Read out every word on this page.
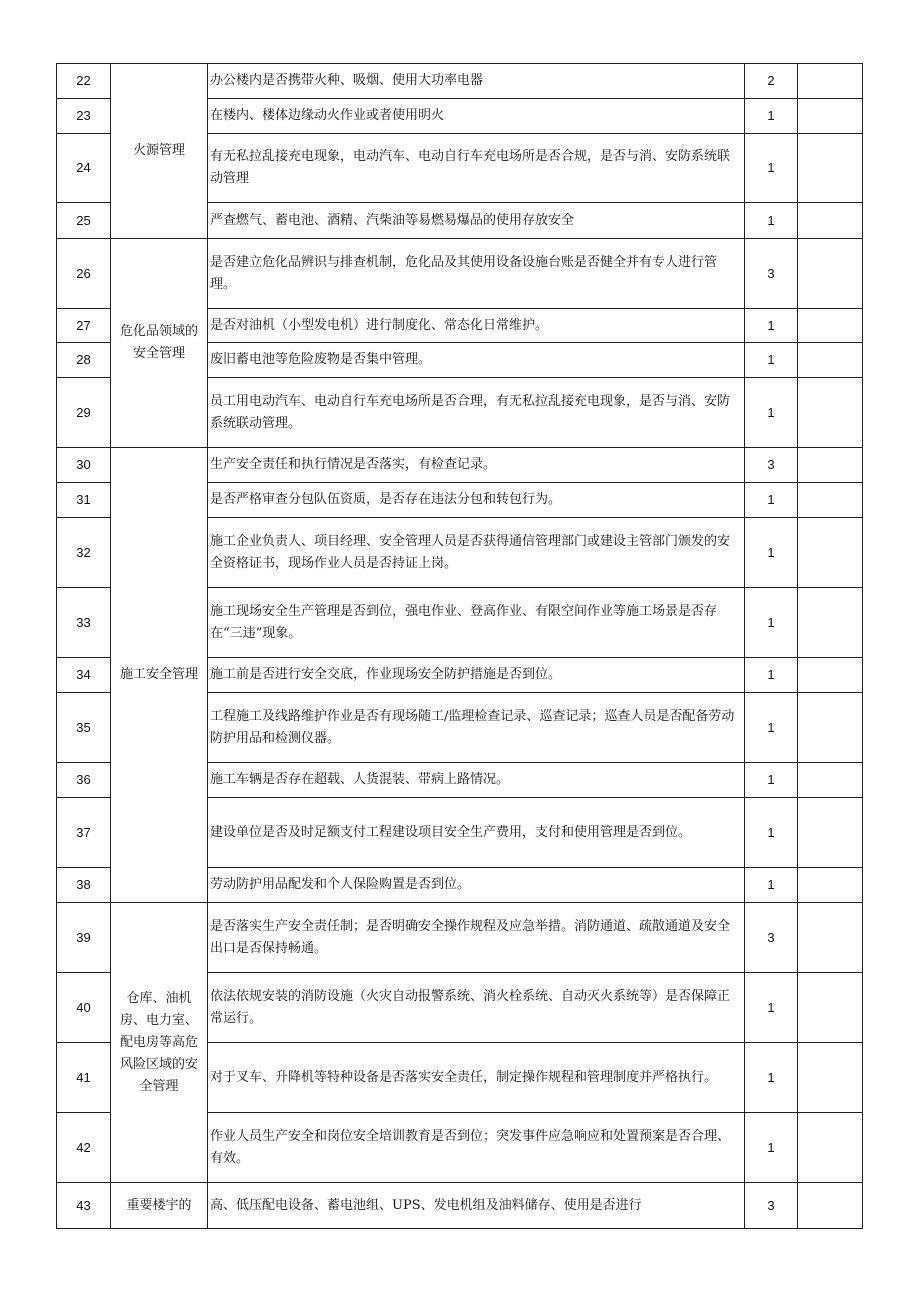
22	火源管理	办公楼内是否携带火种、吸烟、使用大功率电器	2	
23		在楼内、楼体边缘动火作业或者使用明火	1	
24		有无私拉乱接充电现象，电动汽车、电动自行车充电场所是否合规，是否与消、安防系统联动管理	1	
25		严查燃气、蓄电池、酒精、汽柴油等易燃易爆品的使用存放安全	1	
26	危化品领域的安全管理	是否建立危化品辨识与排查机制，危化品及其使用设备设施台账是否健全并有专人进行管理。	3	
27		是否对油机（小型发电机）进行制度化、常态化日常维护。	1	
28		废旧蓄电池等危险废物是否集中管理。	1	
29		员工用电动汽车、电动自行车充电场所是否合理，有无私拉乱接充电现象，是否与消、安防系统联动管理。	1	
30	施工安全管理	生产安全责任和执行情况是否落实，有检查记录。	3	
31		是否严格审查分包队伍资质，是否存在违法分包和转包行为。	1	
32		施工企业负责人、项目经理、安全管理人员是否获得通信管理部门或建设主管部门颁发的安全资格证书，现场作业人员是否持证上岗。	1	
33		施工现场安全生产管理是否到位，强电作业、登高作业、有限空间作业等施工场景是否存在“三违”现象。	1	
34		施工前是否进行安全交底，作业现场安全防护措施是否到位。	1	
35		工程施工及线路维护作业是否有现场随工/监理检查记录、巡查记录；巡查人员是否配备劳动防护用品和检测仪器。	1	
36		施工车辆是否存在超载、人货混装、带病上路情况。	1	
37		建设单位是否及时足额支付工程建设项目安全生产费用，支付和使用管理是否到位。	1	
38		劳动防护用品配发和个人保险购置是否到位。	1	
39	仓库、油机房、电力室、配电房等高危风险区域的安全管理	是否落实生产安全责任制；是否明确安全操作规程及应急举措。消防通道、疏散通道及安全出口是否保持畅通。	3	
40		依法依规安装的消防设施（火灾自动报警系统、消火栓系统、自动灭火系统等）是否保障正常运行。	1	
41		对于叉车、升降机等特种设备是否落实安全责任，制定操作规程和管理制度并严格执行。	1	
42		作业人员生产安全和岗位安全培训教育是否到位；突发事件应急响应和处置预案是否合理、有效。	1	
43	重要楼宇的	高、低压配电设备、蓄电池组、UPS、发电机组及油料储存、使用是否进行	3	
